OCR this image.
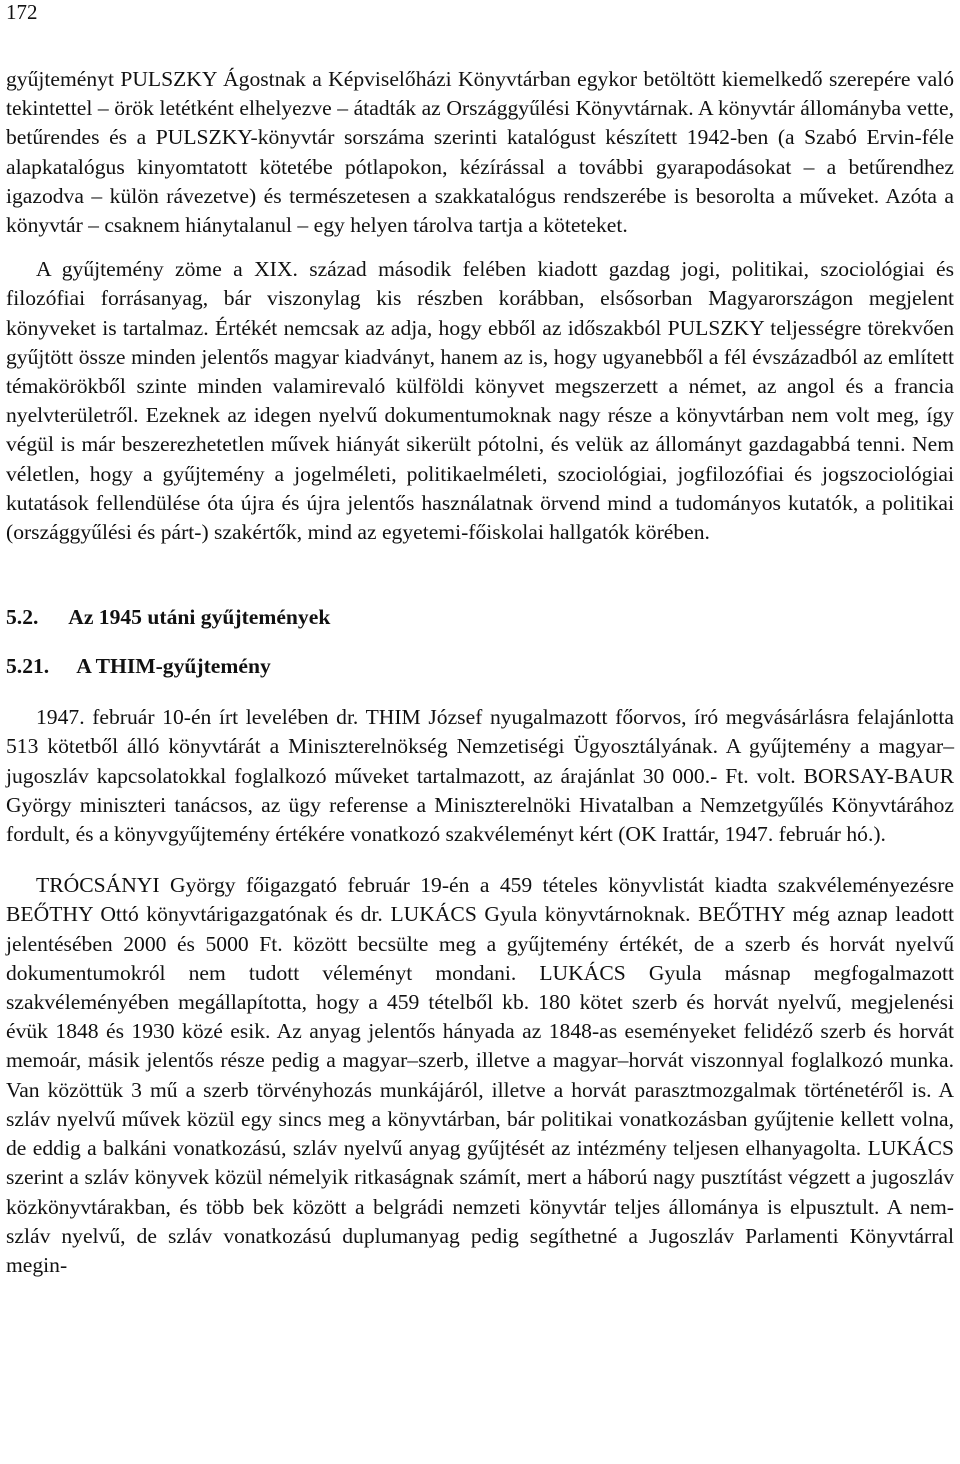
172

gyűjteményt PULSZKY Ágostnak a Képviselőházi Könyvtárban egykor betöltött kiemelkedő szerepére való tekintettel – örök letétként elhelyezve – átadták az Országgyűlési Könyvtárnak. A könyvtár állományba vette, betűrendes és a PULSZKY-könyvtár sorszáma szerinti katalógust készített 1942-ben (a Szabó Ervin-féle alapkatalógus kinyomtatott kötetébe pótlapokon, kézírással a további gyarapodásokat – a betűrendhez igazodva – külön rávezetve) és természetesen a szakkatalógus rendszerébe is besorolta a műveket. Azóta a könyvtár – csaknem hiánytalanul – egy helyen tárolva tartja a köteteket.

A gyűjtemény zöme a XIX. század második felében kiadott gazdag jogi, politikai, szociológiai és filozófiai forrásanyag, bár viszonylag kis részben korábban, elsősorban Magyarországon megjelent könyveket is tartalmaz. Értékét nemcsak az adja, hogy ebből az időszakból PULSZKY teljességre törekvően gyűjtött össze minden jelentős magyar kiadványt, hanem az is, hogy ugyanebből a fél évszázadból az említett témakörökből szinte minden valamirevaló külföldi könyvet megszerzett a német, az angol és a francia nyelvterületről. Ezeknek az idegen nyelvű dokumentumoknak nagy része a könyvtárban nem volt meg, így végül is már beszerezhetetlen művek hiányát sikerült pótolni, és velük az állományt gazdagabbá tenni. Nem véletlen, hogy a gyűjtemény a jogelméleti, politikaelméleti, szociológiai, jogfilozófiai és jogszociológiai kutatások fellendülése óta újra és újra jelentős használatnak örvend mind a tudományos kutatók, a politikai (országgyűlési és párt-) szakértők, mind az egyetemi-főiskolai hallgatók körében.

5.2. Az 1945 utáni gyűjtemények
5.21. A THIM-gyűjtemény

1947. február 10-én írt levelében dr. THIM József nyugalmazott főorvos, író megvásárlásra felajánlotta 513 kötetből álló könyvtárát a Miniszterelnökség Nemzetiségi Ügyosztályának. A gyűjtemény a magyar–jugoszláv kapcsolatokkal foglalkozó műveket tartalmazott, az árajánlat 30 000.- Ft. volt. BORSAY-BAUR György miniszteri tanácsos, az ügy referense a Miniszterelnöki Hivatalban a Nemzetgyűlés Könyvtárához fordult, és a könyvgyűjtemény értékére vonatkozó szakvéleményt kért (OK Irattár, 1947. február hó.).

TRÓCSÁNYI György főigazgató február 19-én a 459 tételes könyvlistát kiadta szakvéleményezésre BEŐTHY Ottó könyvtárigazgatónak és dr. LUKÁCS Gyula könyvtárnoknak. BEŐTHY még aznap leadott jelentésében 2000 és 5000 Ft. között becsülte meg a gyűjtemény értékét, de a szerb és horvát nyelvű dokumentumokról nem tudott véleményt mondani. LUKÁCS Gyula másnap megfogalmazott szakvéleményében megállapította, hogy a 459 tételből kb. 180 kötet szerb és horvát nyelvű, megjelenési évük 1848 és 1930 közé esik. Az anyag jelentős hányada az 1848-as eseményeket felidéző szerb és horvát memoár, másik jelentős része pedig a magyar–szerb, illetve a magyar–horvát viszonnyal foglalkozó munka. Van közöttük 3 mű a szerb törvényhozás munkájáról, illetve a horvát parasztmozgalmak történetéről is. A szláv nyelvű művek közül egy sincs meg a könyvtárban, bár politikai vonatkozásban gyűjtenie kellett volna, de eddig a balkáni vonatkozású, szláv nyelvű anyag gyűjtését az intézmény teljesen elhanyagolta. LUKÁCS szerint a szláv könyvek közül némelyik ritkaságnak számít, mert a háború nagy pusztítást végzett a jugoszláv közkönyvtárakban, és több bek között a belgrádi nemzeti könyvtár teljes állománya is elpusztult. A nem-szláv nyelvű, de szláv vonatkozású duplumanyag pedig segíthetné a Jugoszláv Parlamenti Könyvtárral megin-
